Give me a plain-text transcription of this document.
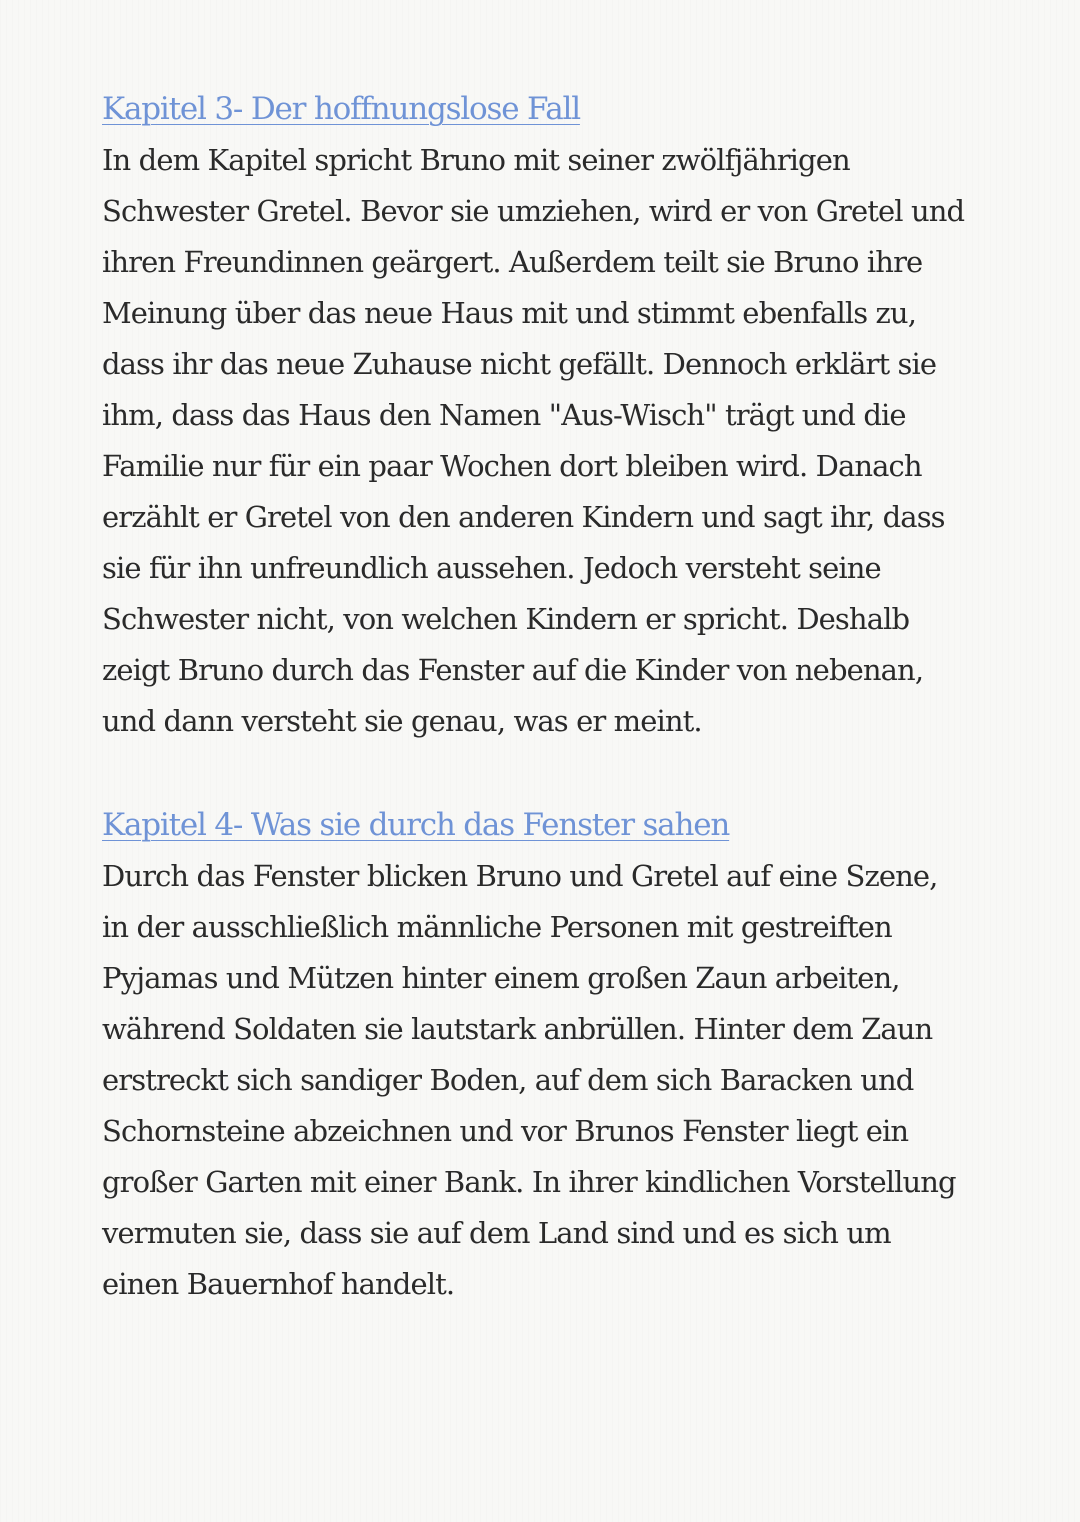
Kapitel 3- Der hoffnungslose Fall
In dem Kapitel spricht Bruno mit seiner zwölfjährigen
Schwester Gretel. Bevor sie umziehen, wird er von Gretel und
ihren Freundinnen geärgert. Außerdem teilt sie Bruno ihre
Meinung über das neue Haus mit und stimmt ebenfalls zu,
dass ihr das neue Zuhause nicht gefällt. Dennoch erklärt sie
ihm, dass das Haus den Namen "Aus-Wisch" trägt und die
Familie nur für ein paar Wochen dort bleiben wird. Danach
erzählt er Gretel von den anderen Kindern und sagt ihr, dass
sie für ihn unfreundlich aussehen. Jedoch versteht seine
Schwester nicht, von welchen Kindern er spricht. Deshalb
zeigt Bruno durch das Fenster auf die Kinder von nebenan,
und dann versteht sie genau, was er meint.
Kapitel 4- Was sie durch das Fenster sahen
Durch das Fenster blicken Bruno und Gretel auf eine Szene,
in der ausschließlich männliche Personen mit gestreiften
Pyjamas und Mützen hinter einem großen Zaun arbeiten,
während Soldaten sie lautstark anbrüllen. Hinter dem Zaun
erstreckt sich sandiger Boden, auf dem sich Baracken und
Schornsteine abzeichnen und vor Brunos Fenster liegt ein
großer Garten mit einer Bank. In ihrer kindlichen Vorstellung
vermuten sie, dass sie auf dem Land sind und es sich um
einen Bauernhof handelt.
